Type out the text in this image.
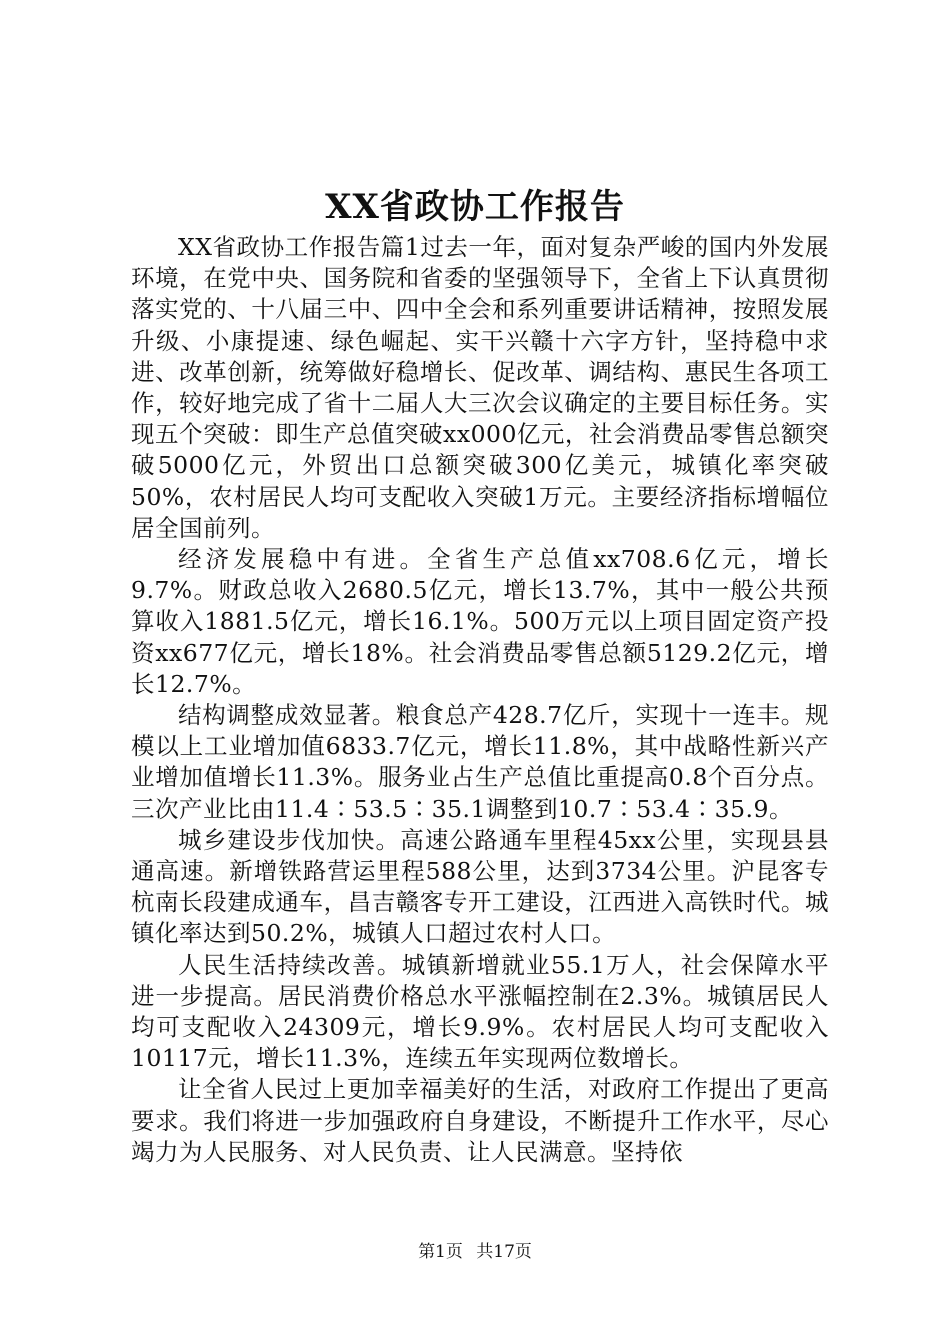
XX省政协工作报告

XX省政协工作报告篇1过去一年，面对复杂严峻的国内外发展环境，在党中央、国务院和省委的坚强领导下，全省上下认真贯彻落实党的、十八届三中、四中全会和系列重要讲话精神，按照发展升级、小康提速、绿色崛起、实干兴赣十六字方针，坚持稳中求进、改革创新，统筹做好稳增长、促改革、调结构、惠民生各项工作，较好地完成了省十二届人大三次会议确定的主要目标任务。实现五个突破：即生产总值突破xx000亿元，社会消费品零售总额突破5000亿元，外贸出口总额突破300亿美元，城镇化率突破50%，农村居民人均可支配收入突破1万元。主要经济指标增幅位居全国前列。

经济发展稳中有进。全省生产总值xx708.6亿元，增长9.7%。财政总收入2680.5亿元，增长13.7%，其中一般公共预算收入1881.5亿元，增长16.1%。500万元以上项目固定资产投资xx677亿元，增长18%。社会消费品零售总额5129.2亿元，增长12.7%。

结构调整成效显著。粮食总产428.7亿斤，实现十一连丰。规模以上工业增加值6833.7亿元，增长11.8%，其中战略性新兴产业增加值增长11.3%。服务业占生产总值比重提高0.8个百分点。三次产业比由11.4∶53.5∶35.1调整到10.7∶53.4∶35.9。

城乡建设步伐加快。高速公路通车里程45xx公里，实现县县通高速。新增铁路营运里程588公里，达到3734公里。沪昆客专杭南长段建成通车，昌吉赣客专开工建设，江西进入高铁时代。城镇化率达到50.2%，城镇人口超过农村人口。

人民生活持续改善。城镇新增就业55.1万人，社会保障水平进一步提高。居民消费价格总水平涨幅控制在2.3%。城镇居民人均可支配收入24309元，增长9.9%。农村居民人均可支配收入10117元，增长11.3%，连续五年实现两位数增长。

让全省人民过上更加幸福美好的生活，对政府工作提出了更高要求。我们将进一步加强政府自身建设，不断提升工作水平，尽心竭力为人民服务、对人民负责、让人民满意。坚持依

第1页 共17页
